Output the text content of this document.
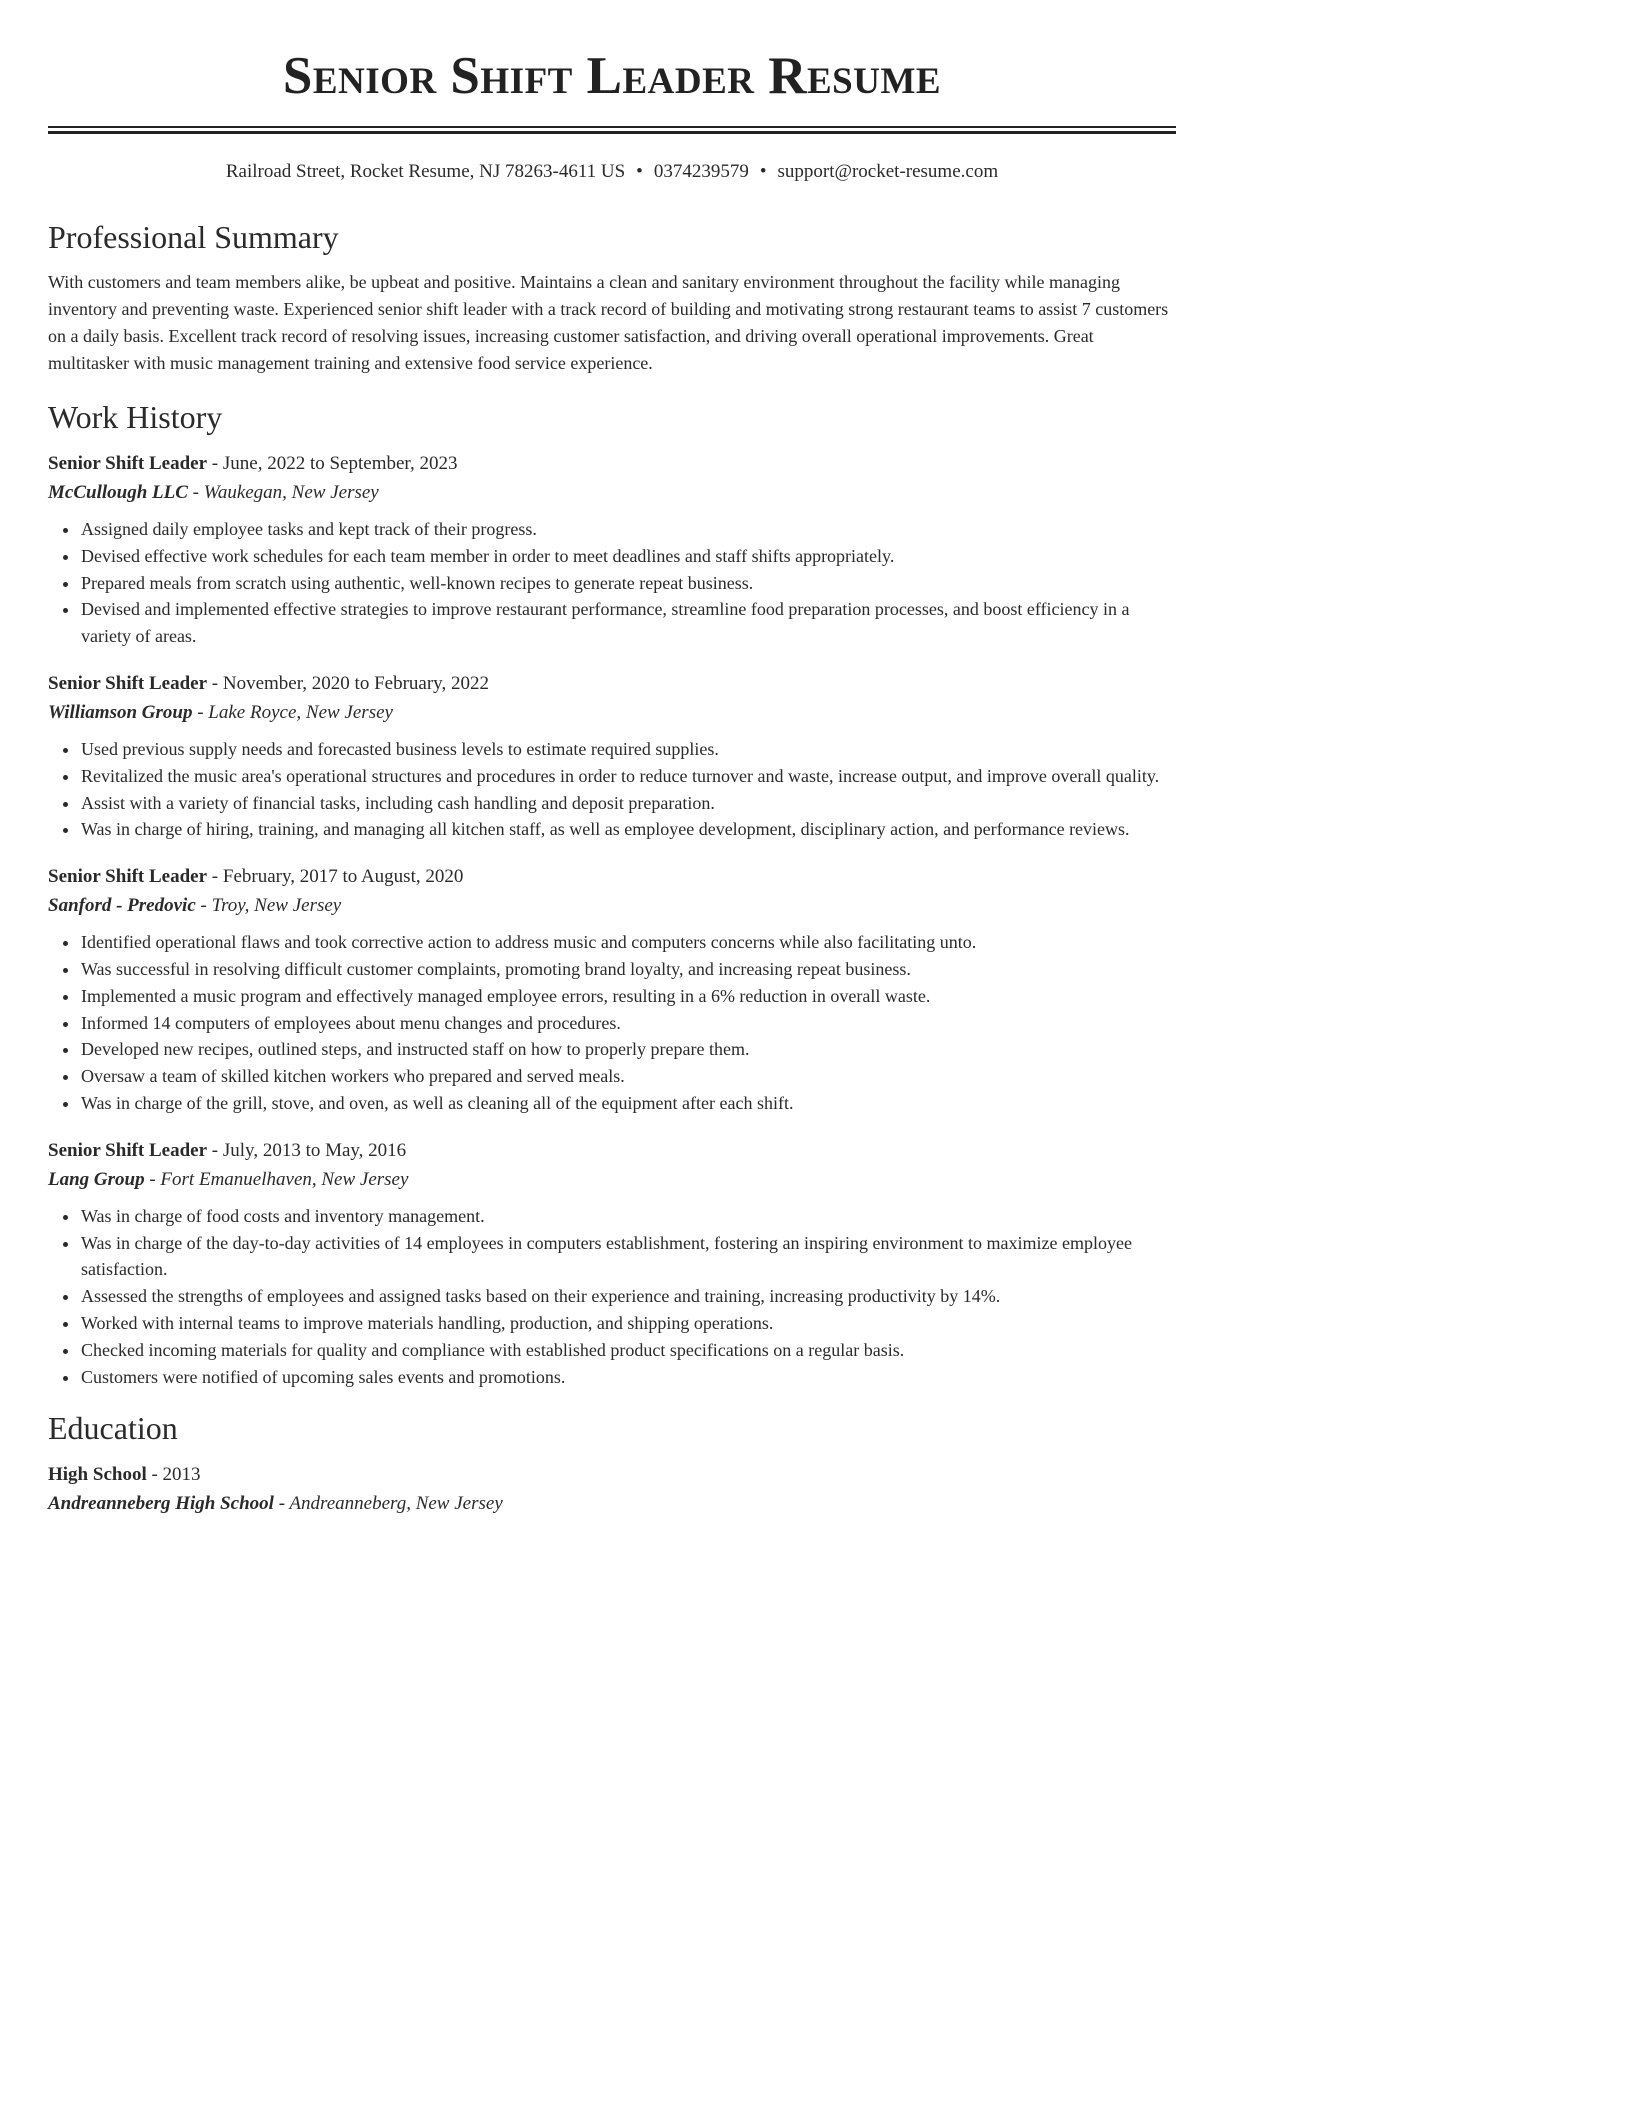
Senior Shift Leader Resume
Railroad Street, Rocket Resume, NJ 78263-4611 US • 0374239579 • support@rocket-resume.com
Professional Summary

With customers and team members alike, be upbeat and positive. Maintains a clean and sanitary environment throughout the facility while managing inventory and preventing waste. Experienced senior shift leader with a track record of building and motivating strong restaurant teams to assist 7 customers on a daily basis. Excellent track record of resolving issues, increasing customer satisfaction, and driving overall operational improvements. Great multitasker with music management training and extensive food service experience.

Work History
Senior Shift Leader - June, 2022 to September, 2023
McCullough LLC - Waukegan, New Jersey
• Assigned daily employee tasks and kept track of their progress.
• Devised effective work schedules for each team member in order to meet deadlines and staff shifts appropriately.
• Prepared meals from scratch using authentic, well-known recipes to generate repeat business.
• Devised and implemented effective strategies to improve restaurant performance, streamline food preparation processes, and boost efficiency in a variety of areas.
Senior Shift Leader - November, 2020 to February, 2022
Williamson Group - Lake Royce, New Jersey
• Used previous supply needs and forecasted business levels to estimate required supplies.
• Revitalized the music area's operational structures and procedures in order to reduce turnover and waste, increase output, and improve overall quality.
• Assist with a variety of financial tasks, including cash handling and deposit preparation.
• Was in charge of hiring, training, and managing all kitchen staff, as well as employee development, disciplinary action, and performance reviews.
Senior Shift Leader - February, 2017 to August, 2020
Sanford - Predovic - Troy, New Jersey
• Identified operational flaws and took corrective action to address music and computers concerns while also facilitating unto.
• Was successful in resolving difficult customer complaints, promoting brand loyalty, and increasing repeat business.
• Implemented a music program and effectively managed employee errors, resulting in a 6% reduction in overall waste.
• Informed 14 computers of employees about menu changes and procedures.
• Developed new recipes, outlined steps, and instructed staff on how to properly prepare them.
• Oversaw a team of skilled kitchen workers who prepared and served meals.
• Was in charge of the grill, stove, and oven, as well as cleaning all of the equipment after each shift.
Senior Shift Leader - July, 2013 to May, 2016
Lang Group - Fort Emanuelhaven, New Jersey
• Was in charge of food costs and inventory management.
• Was in charge of the day-to-day activities of 14 employees in computers establishment, fostering an inspiring environment to maximize employee satisfaction.
• Assessed the strengths of employees and assigned tasks based on their experience and training, increasing productivity by 14%.
• Worked with internal teams to improve materials handling, production, and shipping operations.
• Checked incoming materials for quality and compliance with established product specifications on a regular basis.
• Customers were notified of upcoming sales events and promotions.
Education
High School - 2013
Andreanneberg High School - Andreanneberg, New Jersey
